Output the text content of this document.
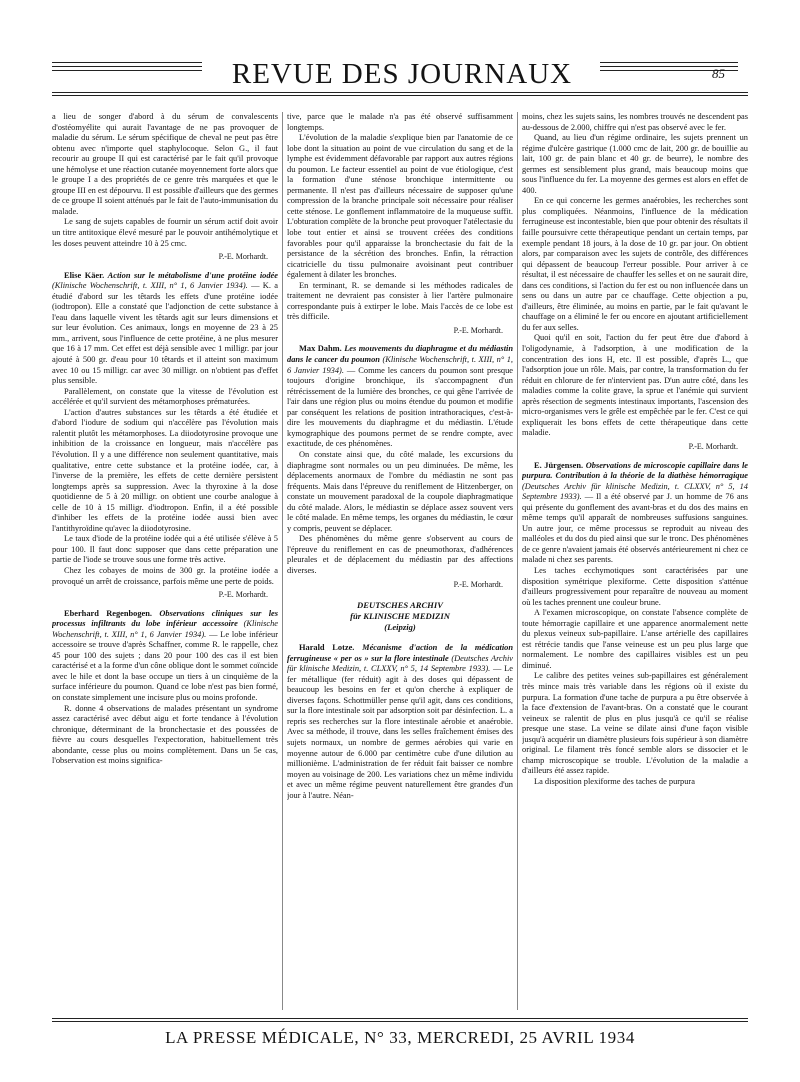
REVUE DES JOURNAUX	85

a lieu de songer d'abord à du sérum de convalescents d'ostéomyélite qui aurait l'avantage de ne pas provoquer de maladie du sérum. Le sérum spécifique de cheval ne peut pas être obtenu avec n'importe quel staphylocoque. Selon G., il faut recourir au groupe II qui est caractérisé par le fait qu'il provoque une hémolyse et une réaction cutanée moyennement forte alors que le groupe I a des propriétés de ce genre très marquées et que le groupe III en est dépourvu. Il est possible d'ailleurs que des germes de ce groupe II soient atténués par le fait de l'auto-immunisation du malade.

Le sang de sujets capables de fournir un sérum actif doit avoir un titre antitoxique élevé mesuré par le pouvoir antihémolytique et les doses peuvent atteindre 10 à 25 cmc.

P.-E. Morhardt.

Elise Käer. Action sur le métabolisme d'une protéine iodée (Klinische Wochenschrift, t. XIII, n° 1, 6 Janvier 1934). — K. a étudié d'abord sur les têtards les effets d'une protéine iodée (iodtropon). Elle a constaté que l'adjonction de cette substance à l'eau dans laquelle vivent les têtards agit sur leurs dimensions et sur leur évolution. Ces animaux, longs en moyenne de 23 à 25 mm., arrivent, sous l'influence de cette protéine, à ne plus mesurer que 16 à 17 mm. Cet effet est déjà sensible avec 1 milligr. par jour ajouté à 500 gr. d'eau pour 10 têtards et il atteint son maximum avec 10 ou 15 milligr. car avec 30 milligr. on n'obtient pas d'effet plus sensible.

Parallèlement, on constate que la vitesse de l'évolution est accélérée et qu'il survient des métamorphoses prématurées.

L'action d'autres substances sur les têtards a été étudiée et d'abord l'iodure de sodium qui n'accélère pas l'évolution mais ralentit plutôt les métamorphoses. La diiodotyrosine provoque une inhibition de la croissance en longueur, mais n'accélère pas l'évolution. Il y a une différence non seulement quantitative, mais qualitative, entre cette substance et la protéine iodée, car, à l'inverse de la première, les effets de cette dernière persistent longtemps après sa suppression. Avec la thyroxine à la dose quotidienne de 5 à 20 milligr. on obtient une courbe analogue à celle de 10 à 15 milligr. d'iodtropon. Enfin, il a été possible d'inhiber les effets de la protéine iodée aussi bien avec l'antithyroïdine qu'avec la diiodotyrosine.

Le taux d'iode de la protéine iodée qui a été utilisée s'élève à 5 pour 100. Il faut donc supposer que dans cette préparation une partie de l'iode se trouve sous une forme très active.

Chez les cobayes de moins de 300 gr. la protéine iodée a provoqué un arrêt de croissance, parfois même une perte de poids.

P.-E. Morhardt.

Eberhard Regenbogen. Observations cliniques sur les processus infiltrants du lobe inférieur accessoire (Klinische Wochenschrift, t. XIII, n° 1, 6 Janvier 1934). — Le lobe inférieur accessoire se trouve d'après Schaffner, comme R. le rappelle, chez 45 pour 100 des sujets ; dans 20 pour 100 des cas il est bien caractérisé et a la forme d'un cône oblique dont le sommet coïncide avec le hile et dont la base occupe un tiers à un cinquième de la surface inférieure du poumon. Quand ce lobe n'est pas bien formé, on constate simplement une incisure plus ou moins profonde.

R. donne 4 observations de malades présentant un syndrome assez caractérisé avec début aigu et forte tendance à l'évolution chronique, déterminant de la bronchectasie et des poussées de fièvre au cours desquelles l'expectoration, habituellement très abondante, cesse plus ou moins complètement. Dans un 5e cas, l'observation est moins significa-

tive, parce que le malade n'a pas été observé suffisamment longtemps.

L'évolution de la maladie s'explique bien par l'anatomie de ce lobe dont la situation au point de vue circulation du sang et de la lymphe est évidemment défavorable par rapport aux autres régions du poumon. Le facteur essentiel au point de vue étiologique, c'est la formation d'une sténose bronchique intermittente ou permanente. Il n'est pas d'ailleurs nécessaire de supposer qu'une compression de la branche principale soit nécessaire pour réaliser cette sténose. Le gonflement inflammatoire de la muqueuse suffit. L'obturation complète de la bronche peut provoquer l'atélectasie du lobe tout entier et ainsi se trouvent créées des conditions favorables pour qu'il apparaisse la bronchectasie du fait de la persistance de la sécrétion des bronches. Enfin, la rétraction cicatricielle du tissu pulmonaire avoisinant peut contribuer également à dilater les bronches.

En terminant, R. se demande si les méthodes radicales de traitement ne devraient pas consister à lier l'artère pulmonaire correspondante puis à extirper le lobe. Mais l'accès de ce lobe est très difficile.

P.-E. Morhardt.

Max Dahm. Les mouvements du diaphragme et du médiastin dans le cancer du poumon (Klinische Wochenschrift, t. XIII, n° 1, 6 Janvier 1934). — Comme les cancers du poumon sont presque toujours d'origine bronchique, ils s'accompagnent d'un rétrécissement de la lumière des bronches, ce qui gêne l'arrivée de l'air dans une région plus ou moins étendue du poumon et modifie par conséquent les relations de position intrathoraciques, c'est-à-dire les mouvements du diaphragme et du médiastin. L'étude kymographique des poumons permet de se rendre compte, avec exactitude, de ces phénomènes.

On constate ainsi que, du côté malade, les excursions du diaphragme sont normales ou un peu diminuées. De même, les déplacements anormaux de l'ombre du médiastin ne sont pas fréquents. Mais dans l'épreuve du reniflement de Hitzenberger, on constate un mouvement paradoxal de la coupole diaphragmatique du côté malade. Alors, le médiastin se déplace assez souvent vers le côté malade. En même temps, les organes du médiastin, le cœur y compris, peuvent se déplacer.

Des phénomènes du même genre s'observent au cours de l'épreuve du reniflement en cas de pneumothorax, d'adhérences pleurales et de déplacement du médiastin par des affections diverses.

P.-E. Morhardt.
DEUTSCHES ARCHIV
für KLINISCHE MEDIZIN
(Leipzig)

Harald Lotze. Mécanisme d'action de la médication ferrugineuse « per os » sur la flore intestinale (Deutsches Archiv für klinische Medizin, t. CLXXV, n° 5, 14 Septembre 1933). — Le fer métallique (fer réduit) agit à des doses qui dépassent de beaucoup les besoins en fer et qu'on cherche à expliquer de diverses façons. Schottmüller pense qu'il agit, dans ces conditions, sur la flore intestinale soit par adsorption soit par désinfection. L. a repris ses recherches sur la flore intestinale aérobie et anaérobie. Avec sa méthode, il trouve, dans les selles fraîchement émises des sujets normaux, un nombre de germes aérobies qui varie en moyenne autour de 6.000 par centimètre cube d'une dilution au millionième. L'administration de fer réduit fait baisser ce nombre moyen au voisinage de 200. Les variations chez un même individu et avec un même régime peuvent naturellement être grandes d'un jour à l'autre. Néan-

moins, chez les sujets sains, les nombres trouvés ne descendent pas au-dessous de 2.000, chiffre qui n'est pas observé avec le fer.

Quand, au lieu d'un régime ordinaire, les sujets prennent un régime d'ulcère gastrique (1.000 cmc de lait, 200 gr. de bouillie au lait, 100 gr. de pain blanc et 40 gr. de beurre), le nombre des germes est sensiblement plus grand, mais beaucoup moins que sous l'influence du fer. La moyenne des germes est alors en effet de 400.

En ce qui concerne les germes anaérobies, les recherches sont plus compliquées. Néanmoins, l'influence de la médication ferrugineuse est incontestable, bien que pour obtenir des résultats il faille poursuivre cette thérapeutique pendant un certain temps, par exemple pendant 18 jours, à la dose de 10 gr. par jour. On obtient alors, par comparaison avec les sujets de contrôle, des différences qui dépassent de beaucoup l'erreur possible. Pour arriver à ce résultat, il est nécessaire de chauffer les selles et on ne saurait dire, dans ces conditions, si l'action du fer est ou non influencée dans un sens ou dans un autre par ce chauffage. Cette objection a pu, d'ailleurs, être éliminée, au moins en partie, par le fait qu'avant le chauffage on a éliminé le fer ou encore en ajoutant artificiellement du fer aux selles.

Quoi qu'il en soit, l'action du fer peut être due d'abord à l'oligodynamie, à l'adsorption, à une modification de la concentration des ions H, etc. Il est possible, d'après L., que l'adsorption joue un rôle. Mais, par contre, la transformation du fer réduit en chlorure de fer n'intervient pas. D'un autre côté, dans les maladies comme la colite grave, la sprue et l'anémie qui survient après résection de segments intestinaux importants, l'ascension des micro-organismes vers le grêle est empêchée par le fer. C'est ce qui expliquerait les bons effets de cette thérapeutique dans cette maladie.

P.-E. Morhardt.

E. Jürgensen. Observations de microscopie capillaire dans le purpura. Contribution à la théorie de la diathèse hémorragique (Deutsches Archiv für klinische Medizin, t. CLXXV, n° 5, 14 Septembre 1933). — Il a été observé par J. un homme de 76 ans qui présente du gonflement des avant-bras et du dos des mains en même temps qu'il apparaît de nombreuses suffusions sanguines. Un autre jour, ce même processus se reproduit au niveau des malléoles et du dos du pied ainsi que sur le tronc. Des phénomènes de ce genre n'avaient jamais été observés antérieurement ni chez ce malade ni chez ses parents.

Les taches ecchymotiques sont caractérisées par une disposition symétrique plexiforme. Cette disposition s'atténue d'ailleurs progressivement pour reparaître de nouveau au moment où les taches prennent une couleur brune.

A l'examen microscopique, on constate l'absence complète de toute hémorragie capillaire et une apparence anormalement nette du plexus veineux sub-papillaire. L'anse artérielle des capillaires est rétrécie tandis que l'anse veineuse est un peu plus large que normalement. Le nombre des capillaires visibles est un peu diminué.

Le calibre des petites veines sub-papillaires est généralement très mince mais très variable dans les régions où il existe du purpura. La formation d'une tache de purpura a pu être observée à la face d'extension de l'avant-bras. On a constaté que le courant veineux se ralentit de plus en plus jusqu'à ce qu'il se réalise presque une stase. La veine se dilate ainsi d'une façon visible jusqu'à acquérir un diamètre plusieurs fois supérieur à son diamètre original. Le filament très foncé semble alors se dissocier et le champ microscopique se trouble. L'évolution de la maladie a d'ailleurs été assez rapide.

La disposition plexiforme des taches de purpura

LA PRESSE MÉDICALE, N° 33, MERCREDI, 25 AVRIL 1934
